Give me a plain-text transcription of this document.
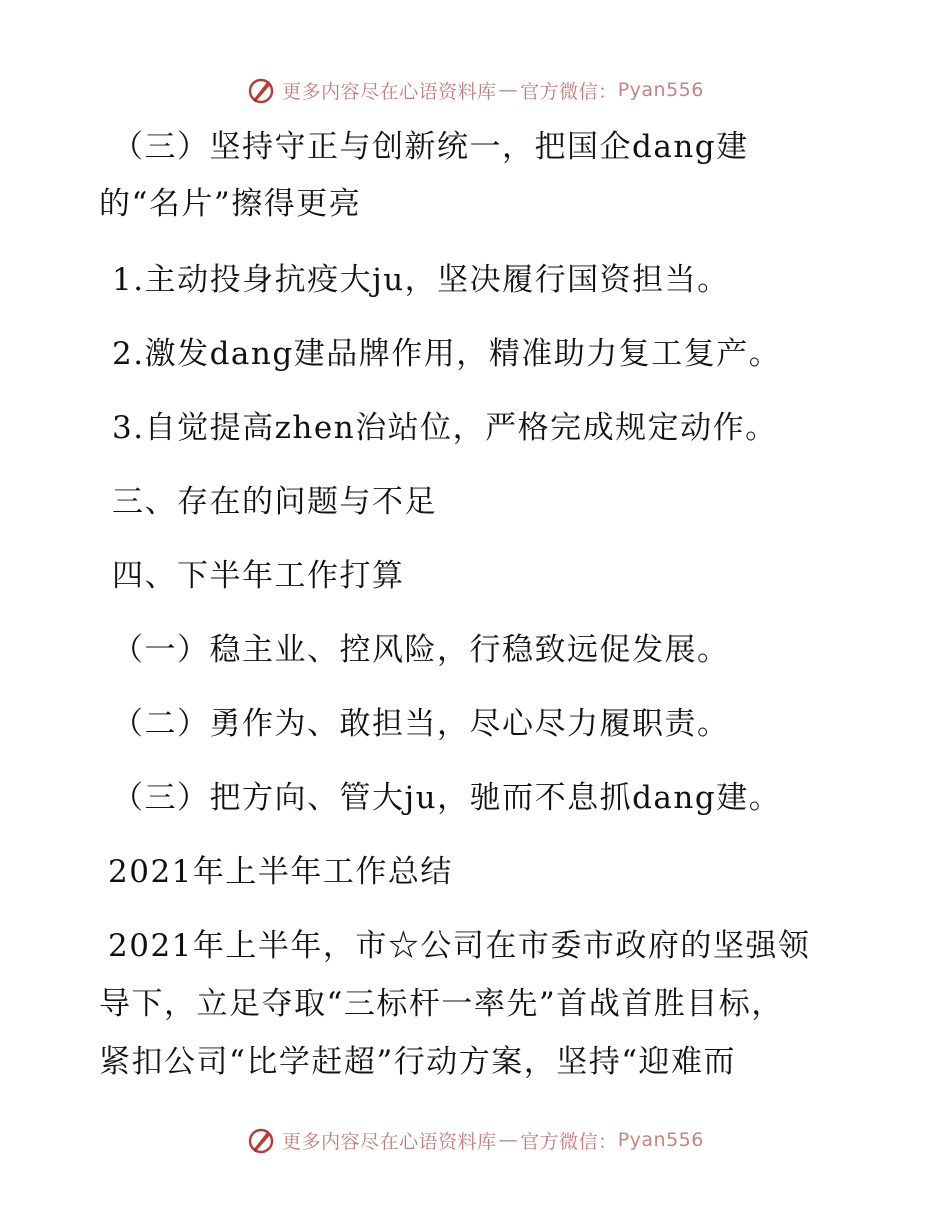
更多内容尽在心语资料库 — 官方微信： Pyan556
（三）坚持守正与创新统一，把国企dang建
的“名片”擦得更亮
1.主动投身抗疫大ju，坚决履行国资担当。
2.激发dang建品牌作用，精准助力复工复产。
3.自觉提高zhen治站位，严格完成规定动作。
三、存在的问题与不足
四、下半年工作打算
（一）稳主业、控风险，行稳致远促发展。
（二）勇作为、敢担当，尽心尽力履职责。
（三）把方向、管大ju，驰而不息抓dang建。
2021年上半年工作总结
2021年上半年，市☆公司在市委市政府的坚强领
导下，立足夺取“三标杆一率先”首战首胜目标，
紧扣公司“比学赶超”行动方案，坚持“迎难而
更多内容尽在心语资料库 — 官方微信： Pyan556
